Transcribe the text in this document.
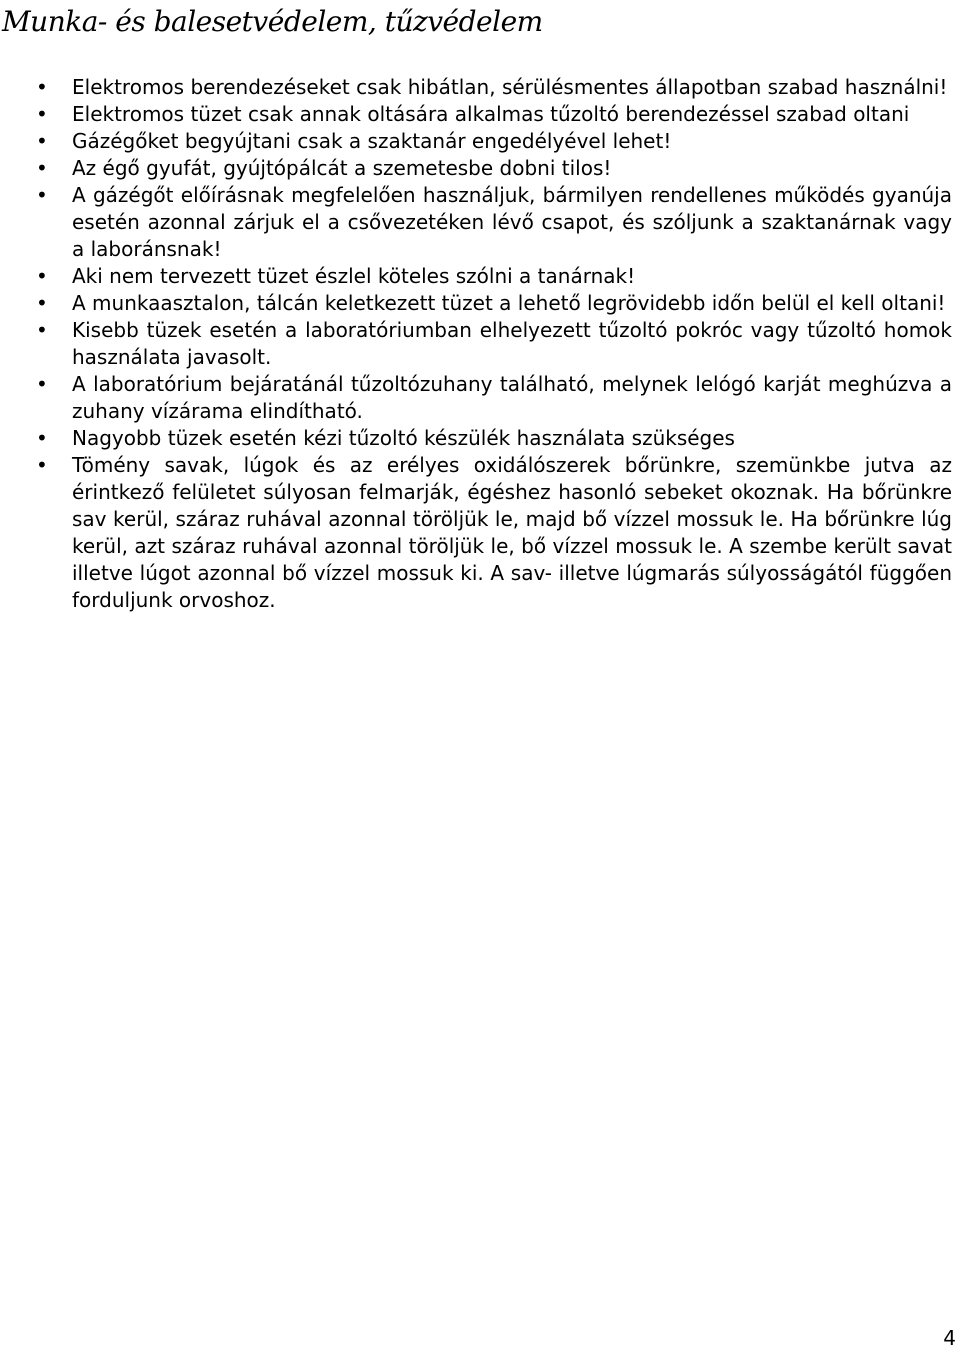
Munka- és balesetvédelem, tűzvédelem
• Elektromos berendezéseket csak hibátlan, sérülésmentes állapotban szabad használni!
• Elektromos tüzet csak annak oltására alkalmas tűzoltó berendezéssel szabad oltani
• Gázégőket begyújtani csak a szaktanár engedélyével lehet!
• Az égő gyufát, gyújtópálcát a szemetesbe dobni tilos!
• A gázégőt előírásnak megfelelően használjuk, bármilyen rendellenes működés gyanúja esetén azonnal zárjuk el a csővezetéken lévő csapot, és szóljunk a szaktanárnak vagy a laboránsnak!
• Aki nem tervezett tüzet észlel köteles szólni a tanárnak!
• A munkaasztalon, tálcán keletkezett tüzet a lehető legrövidebb időn belül el kell oltani!
• Kisebb tüzek esetén a laboratóriumban elhelyezett tűzoltó pokróc vagy tűzoltó homok használata javasolt.
• A laboratórium bejáratánál tűzoltózuhany található, melynek lelógó karját meghúzva a zuhany vízárama elindítható.
• Nagyobb tüzek esetén kézi tűzoltó készülék használata szükséges
• Tömény savak, lúgok és az erélyes oxidálószerek bőrünkre, szemünkbe jutva az érintkező felületet súlyosan felmarják, égéshez hasonló sebeket okoznak. Ha bőrünkre sav kerül, száraz ruhával azonnal töröljük le, majd bő vízzel mossuk le. Ha bőrünkre lúg kerül, azt száraz ruhával azonnal töröljük le, bő vízzel mossuk le. A szembe került savat illetve lúgot azonnal bő vízzel mossuk ki. A sav- illetve lúgmarás súlyosságától függően forduljunk orvoshoz.
4
